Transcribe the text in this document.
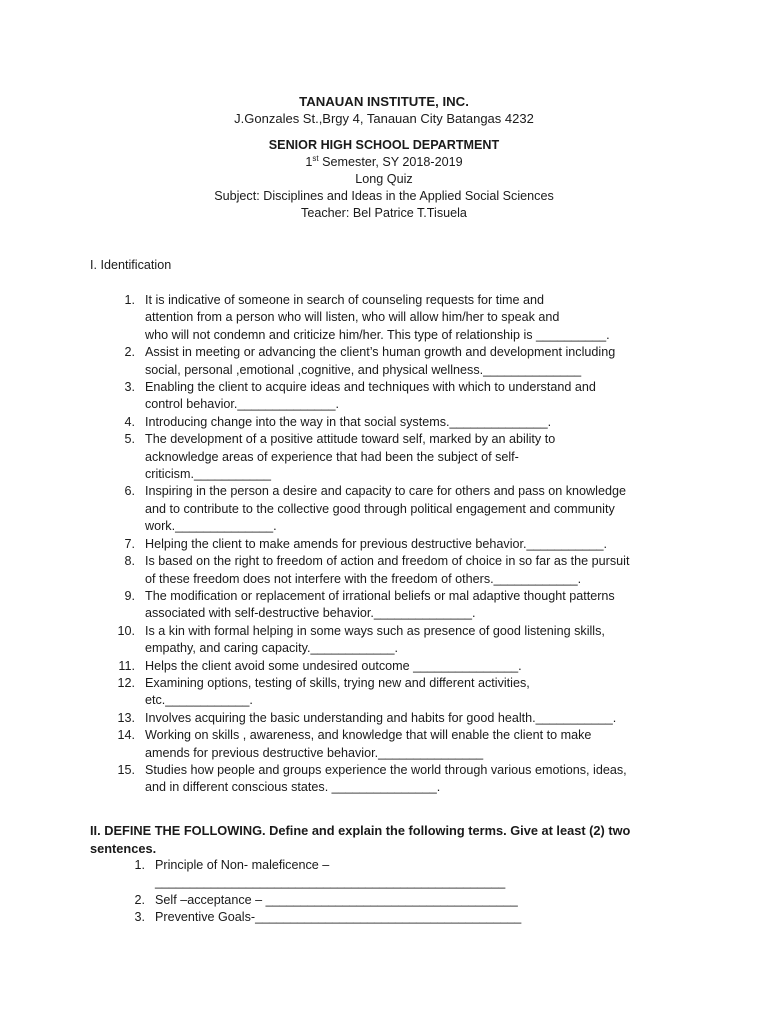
TANAUAN INSTITUTE, INC.
J.Gonzales St.,Brgy 4, Tanauan City Batangas 4232
SENIOR HIGH SCHOOL DEPARTMENT
1st Semester, SY 2018-2019
Long Quiz
Subject: Disciplines and Ideas in the Applied Social Sciences
Teacher: Bel Patrice T.Tisuela
I. Identification
1. It is indicative of someone in search of counseling requests for time and
attention from a person who will listen, who will allow him/her to speak and
who will not condemn and criticize him/her. This type of relationship is __________.
2. Assist in meeting or advancing the client’s human growth and development including
social, personal ,emotional ,cognitive, and physical wellness.______________
3. Enabling the client to acquire ideas and techniques with which to understand and
control behavior.______________.
4. Introducing change into the way in that social systems.______________.
5. The development of a positive attitude toward self, marked by an ability to
acknowledge areas of experience that had been the subject of self-
criticism.___________
6. Inspiring in the person a desire and capacity to care for others and pass on knowledge
and to contribute to the collective good through political engagement and community
work.______________.
7. Helping the client to make amends for previous destructive behavior.___________.
8. Is based on the right to freedom of action and freedom of choice in so far as the pursuit
of these freedom does not interfere with the freedom of others.____________.
9. The modification or replacement of irrational beliefs or mal adaptive thought patterns
associated with self-destructive behavior.______________.
10. Is a kin with formal helping in some ways such as presence of good listening skills,
empathy, and caring capacity.____________.
11. Helps the client avoid some undesired outcome _______________.
12. Examining options, testing of skills, trying new and different activities,
etc.____________.
13. Involves acquiring the basic understanding and habits for good health.___________.
14. Working on skills , awareness, and knowledge that will enable the client to make
amends for previous destructive behavior._______________
15. Studies how people and groups experience the world through various emotions, ideas,
and in different conscious states. _______________.
II. DEFINE THE FOLLOWING. Define and explain the following terms. Give at least (2) two
sentences.
1. Principle of Non- maleficence –
__________________________________________________
2. Self –acceptance – ____________________________________
3. Preventive Goals-______________________________________
